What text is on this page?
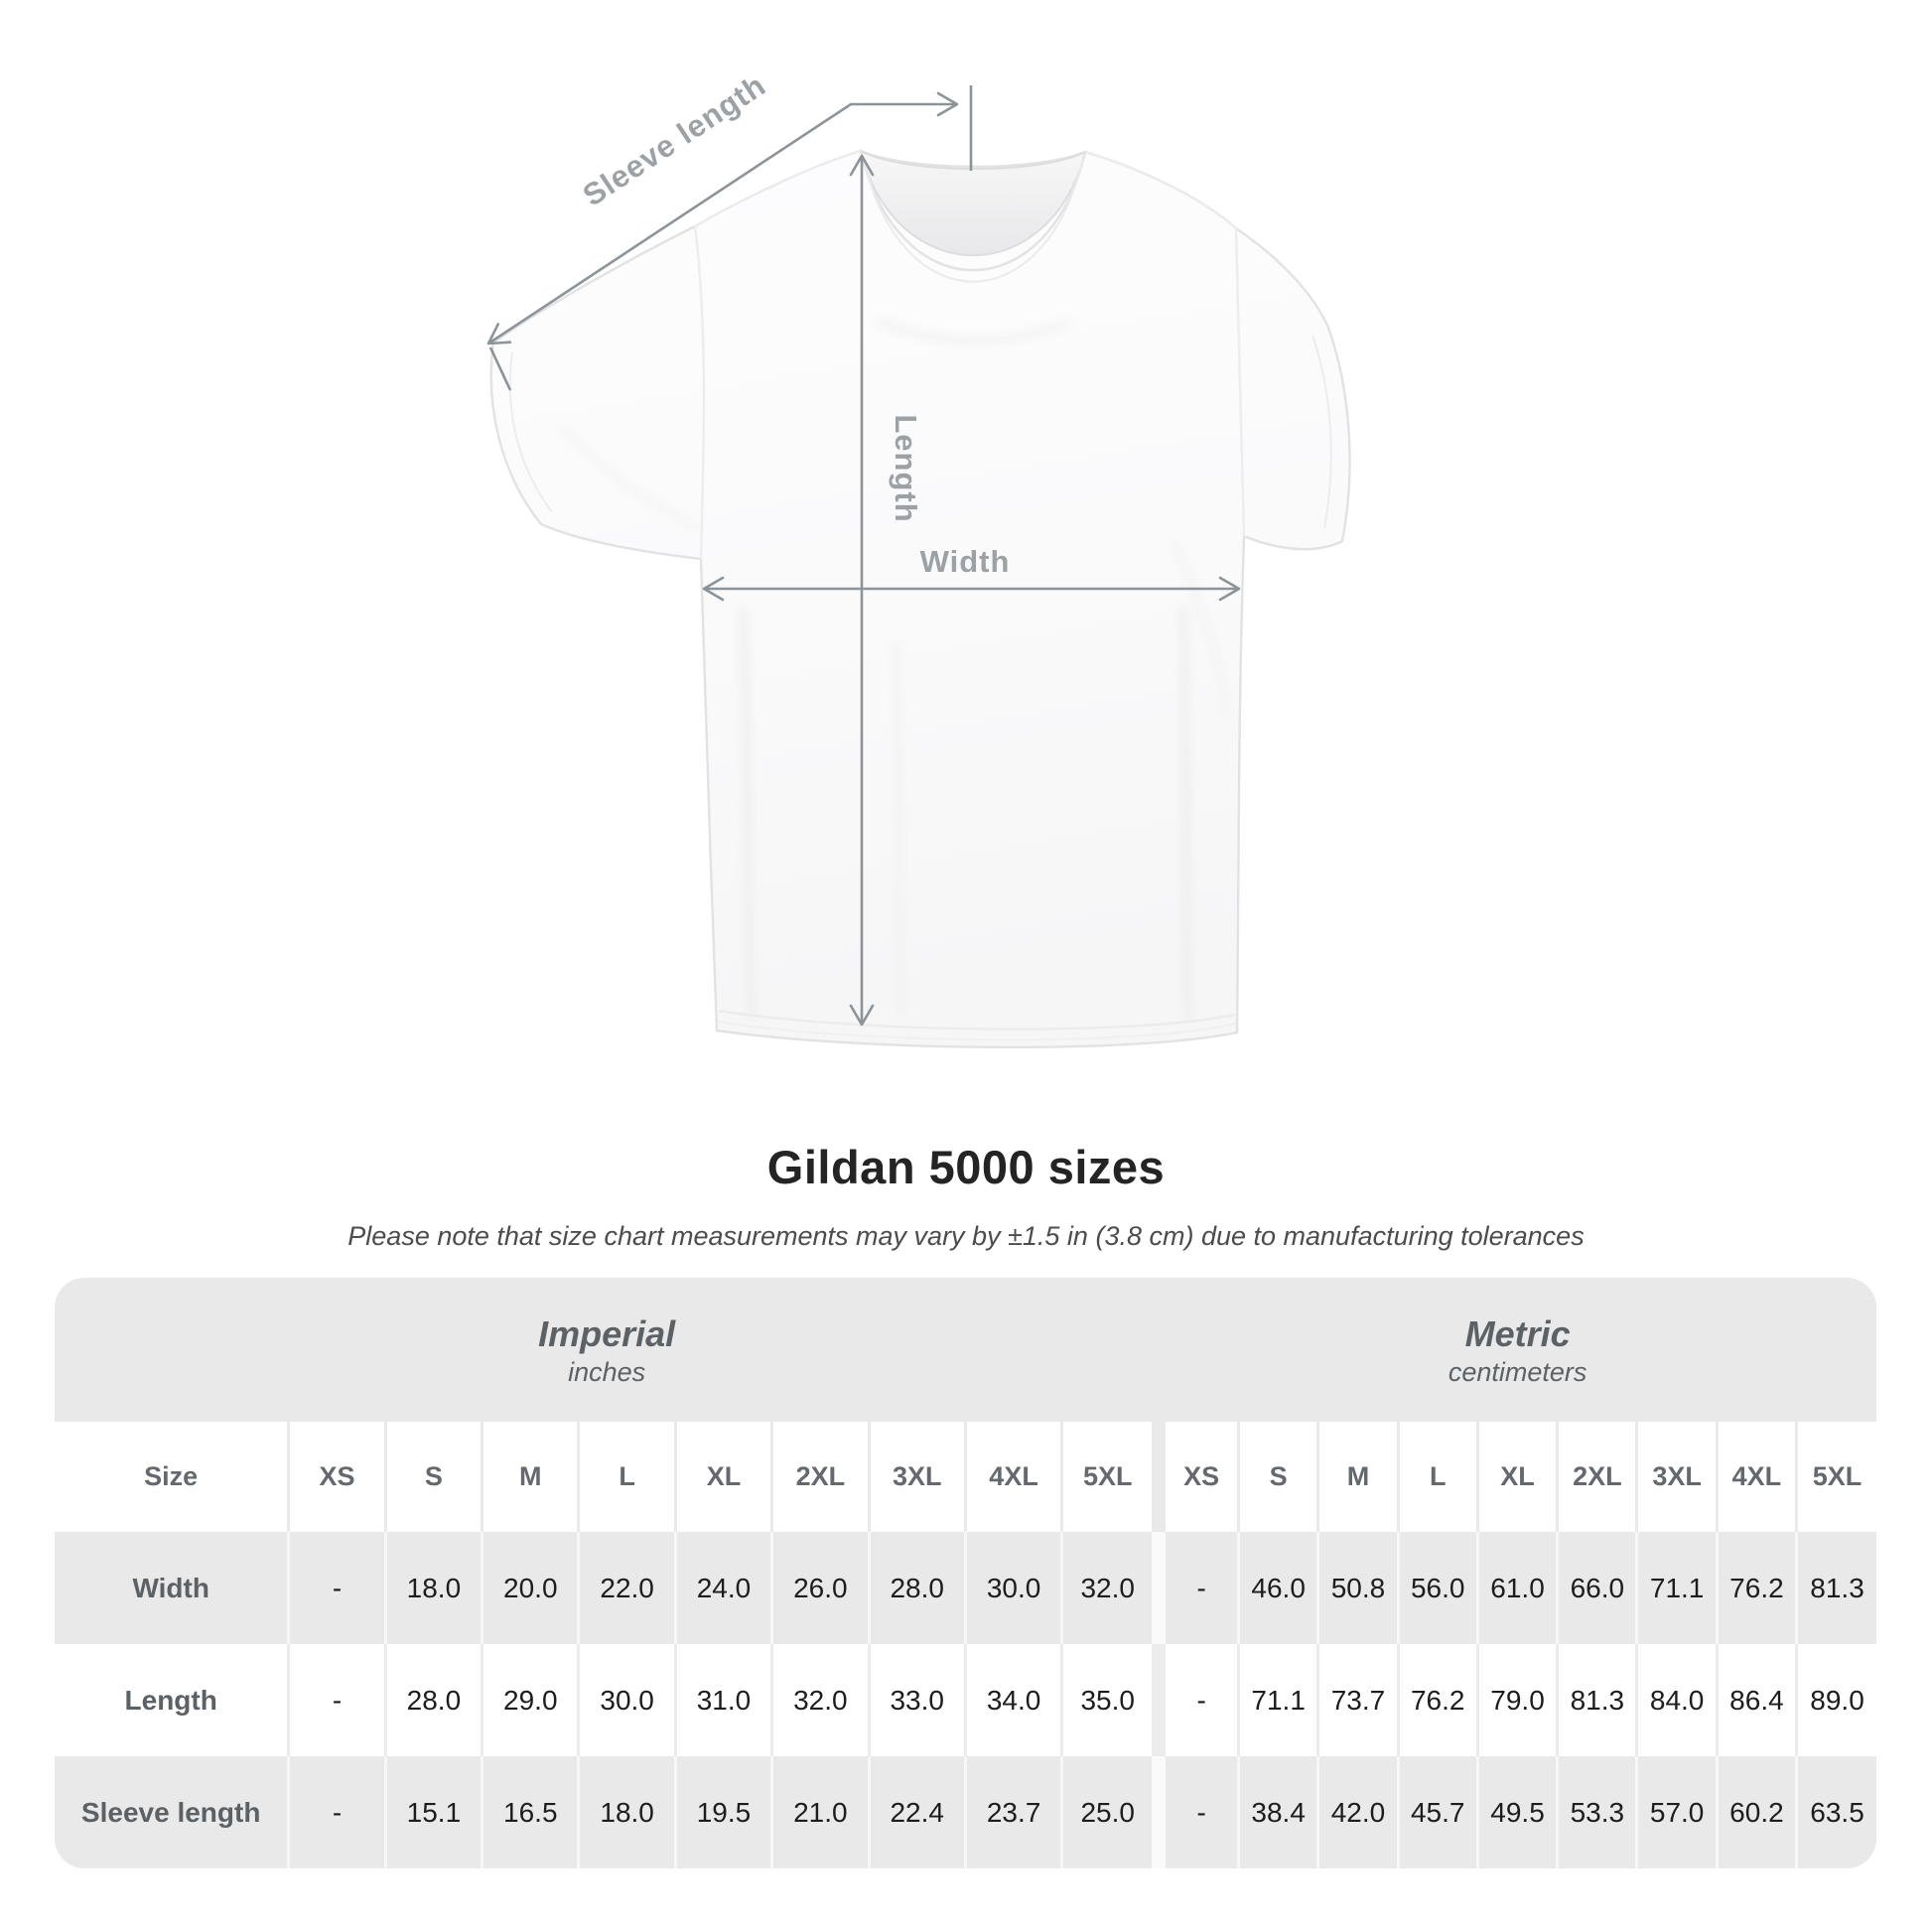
Sleeve length
Length
Width
Gildan 5000 sizes
Please note that size chart measurements may vary by ±1.5 in (3.8 cm) due to manufacturing tolerances
Imperial
inches

Metric
centimeters

Size	XS	S	M	L	XL	2XL	3XL	4XL	5XL	XS	S	M	L	XL	2XL	3XL	4XL	5XL
Width	-	18.0	20.0	22.0	24.0	26.0	28.0	30.0	32.0	-	46.0	50.8	56.0	61.0	66.0	71.1	76.2	81.3
Length	-	28.0	29.0	30.0	31.0	32.0	33.0	34.0	35.0	-	71.1	73.7	76.2	79.0	81.3	84.0	86.4	89.0
Sleeve length	-	15.1	16.5	18.0	19.5	21.0	22.4	23.7	25.0	-	38.4	42.0	45.7	49.5	53.3	57.0	60.2	63.5
